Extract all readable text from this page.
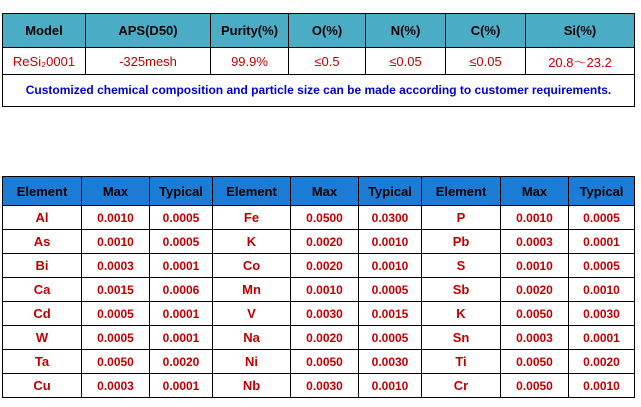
Model	APS(D50)	Purity(%)	O(%)	N(%)	C(%)	Si(%)
ReSi₂0001	-325mesh	99.9%	≤0.5	≤0.05	≤0.05	20.8～23.2
Customized chemical composition and particle size can be made according to customer requirements.						
Element	Max	Typical	Element	Max	Typical	Element	Max	Typical
Al	0.0010	0.0005	Fe	0.0500	0.0300	P	0.0010	0.0005
As	0.0010	0.0005	K	0.0020	0.0010	Pb	0.0003	0.0001
Bi	0.0003	0.0001	Co	0.0020	0.0010	S	0.0010	0.0005
Ca	0.0015	0.0006	Mn	0.0010	0.0005	Sb	0.0020	0.0010
Cd	0.0005	0.0001	V	0.0030	0.0015	K	0.0050	0.0030
W	0.0005	0.0001	Na	0.0020	0.0005	Sn	0.0003	0.0001
Ta	0.0050	0.0020	Ni	0.0050	0.0030	Ti	0.0050	0.0020
Cu	0.0003	0.0001	Nb	0.0030	0.0010	Cr	0.0050	0.0010
